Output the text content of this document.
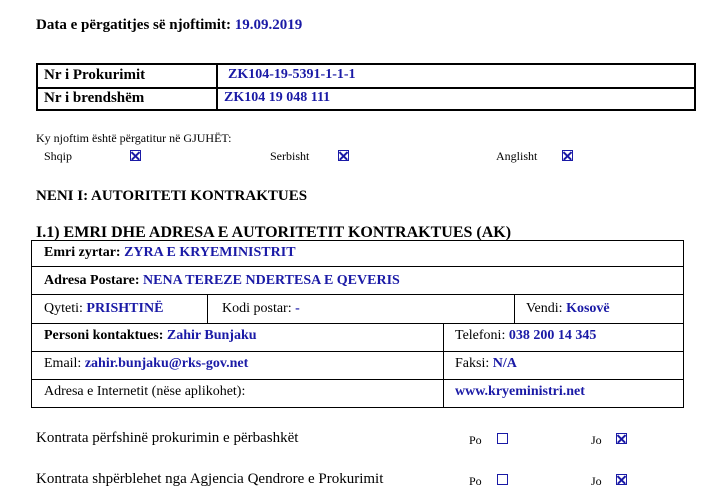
Data e përgatitjes së njoftimit: 19.09.2019
Nr i Prokurimit	ZK104-19-5391-1-1-1
Nr i brendshëm	ZK104 19 048 111
Ky njoftim është përgatitur në GJUHËT:
Shqip	Serbisht	Anglisht
NENI I: AUTORITETI KONTRAKTUES
I.1) EMRI DHE ADRESA E AUTORITETIT KONTRAKTUES (AK)
Emri zyrtar: ZYRA E KRYEMINISTRIT
Adresa Postare: NENA TEREZE NDERTESA E QEVERIS
Qyteti: PRISHTINË	Kodi postar: -	Vendi: Kosovë
Personi kontaktues: Zahir Bunjaku	Telefoni: 038 200 14 345
Email: zahir.bunjaku@rks-gov.net	Faksi: N/A
Adresa e Internetit (nëse aplikohet):	www.kryeministri.net
Kontrata përfshinë prokurimin e përbashkët	Po	Jo
Kontrata shpërblehet nga Agjencia Qendrore e Prokurimit	Po	Jo
